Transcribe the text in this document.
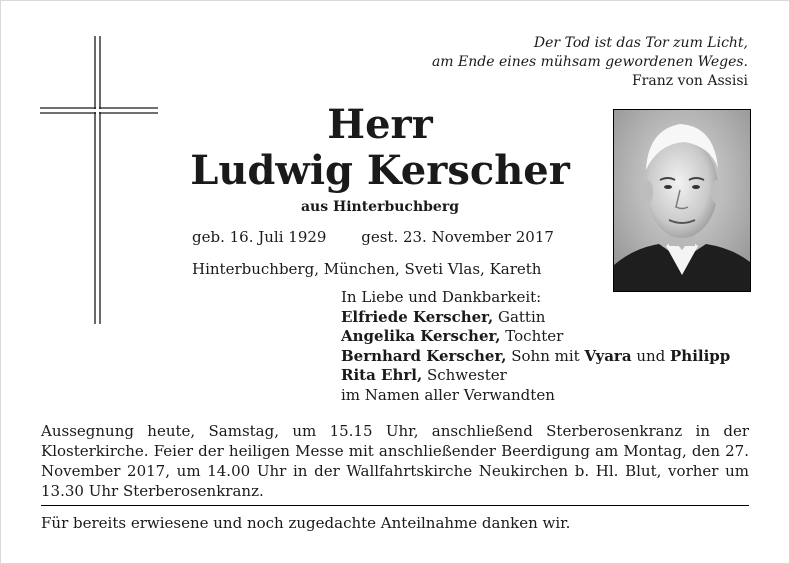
Der Tod ist das Tor zum Licht,
am Ende eines mühsam gewordenen Weges.
Franz von Assisi
Herr
Ludwig Kerscher
aus Hinterbuchberg
geb. 16. Juli 1929 gest. 23. November 2017
Hinterbuchberg, München, Sveti Vlas, Kareth
In Liebe und Dankbarkeit:
Elfriede Kerscher, Gattin
Angelika Kerscher, Tochter
Bernhard Kerscher, Sohn mit Vyara und Philipp
Rita Ehrl, Schwester
im Namen aller Verwandten
Aussegnung heute, Samstag, um 15.15 Uhr, anschließend Sterberosenkranz in der Klosterkirche. Feier der heiligen Messe mit anschließender Beerdigung am Montag, den 27. November 2017, um 14.00 Uhr in der Wallfahrtskirche Neukirchen b. Hl. Blut, vorher um 13.30 Uhr Sterberosenkranz.
Für bereits erwiesene und noch zugedachte Anteilnahme danken wir.
